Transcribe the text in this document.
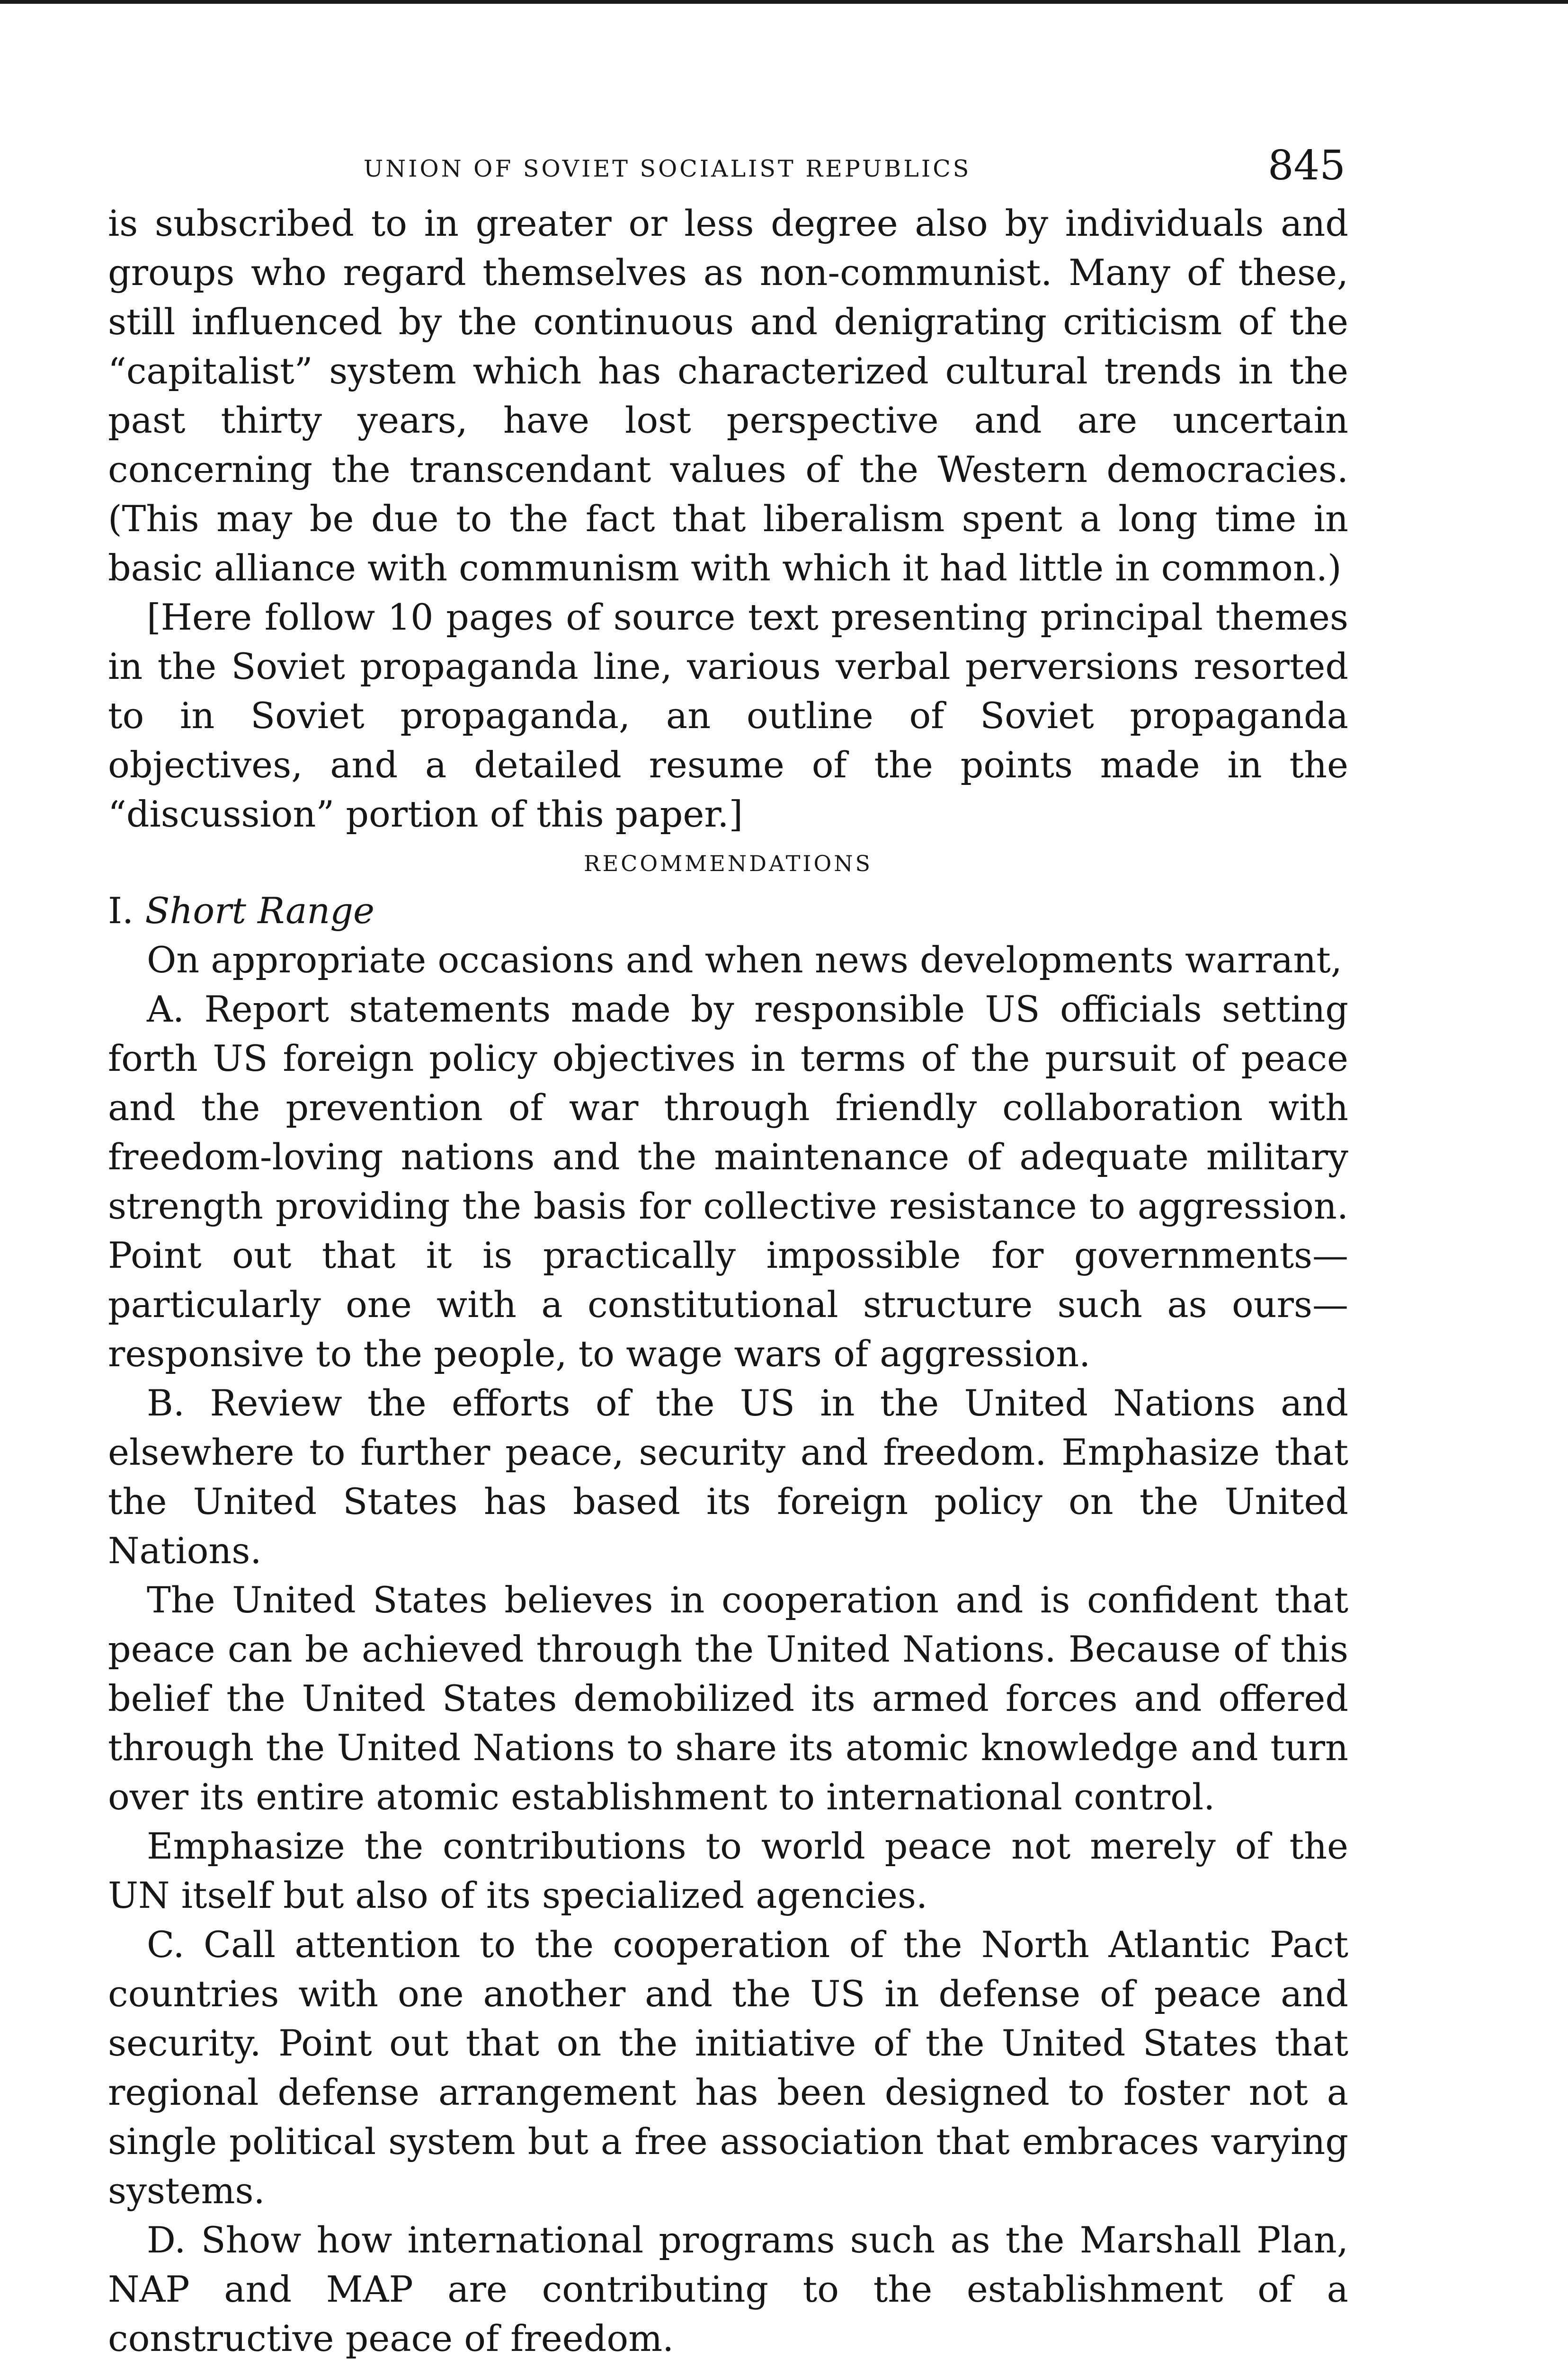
UNION OF SOVIET SOCIALIST REPUBLICS	845

is subscribed to in greater or less degree also by individuals and groups who regard themselves as non-communist. Many of these, still influenced by the continuous and denigrating criticism of the “capitalist” system which has characterized cultural trends in the past thirty years, have lost perspective and are uncertain concerning the transcendant values of the Western democracies. (This may be due to the fact that liberalism spent a long time in basic alliance with communism with which it had little in common.)

[Here follow 10 pages of source text presenting principal themes in the Soviet propaganda line, various verbal perversions resorted to in Soviet propaganda, an outline of Soviet propaganda objectives, and a detailed resume of the points made in the “discussion” portion of this paper.]

RECOMMENDATIONS

I. Short Range

On appropriate occasions and when news developments warrant,

A. Report statements made by responsible US officials setting forth US foreign policy objectives in terms of the pursuit of peace and the prevention of war through friendly collaboration with freedom-loving nations and the maintenance of adequate military strength providing the basis for collective resistance to aggression. Point out that it is practically impossible for governments—particularly one with a constitutional structure such as ours—responsive to the people, to wage wars of aggression.

B. Review the efforts of the US in the United Nations and elsewhere to further peace, security and freedom. Emphasize that the United States has based its foreign policy on the United Nations.

The United States believes in cooperation and is confident that peace can be achieved through the United Nations. Because of this belief the United States demobilized its armed forces and offered through the United Nations to share its atomic knowledge and turn over its entire atomic establishment to international control.

Emphasize the contributions to world peace not merely of the UN itself but also of its specialized agencies.

C. Call attention to the cooperation of the North Atlantic Pact countries with one another and the US in defense of peace and security. Point out that on the initiative of the United States that regional defense arrangement has been designed to foster not a single political system but a free association that embraces varying systems.

D. Show how international programs such as the Marshall Plan, NAP and MAP are contributing to the establishment of a constructive peace of freedom.
